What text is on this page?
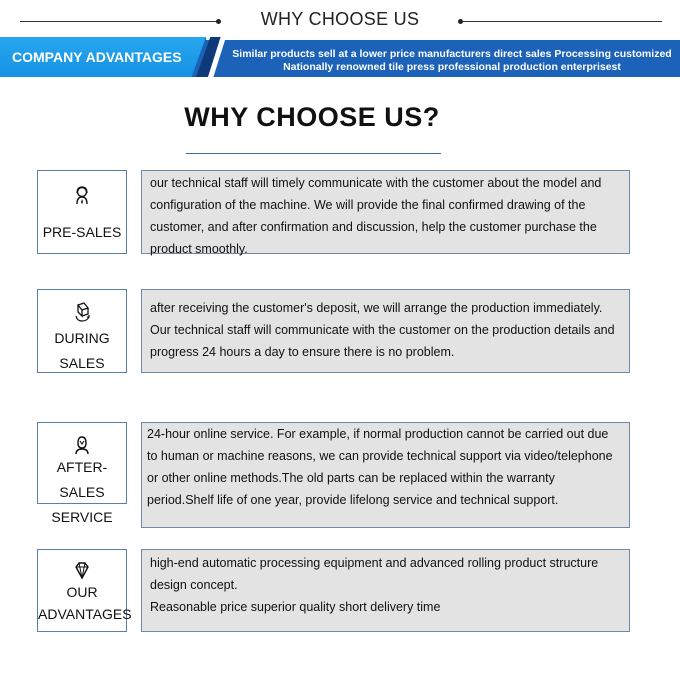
WHY CHOOSE US
COMPANY ADVANTAGES	Similar products sell at a lower price manufacturers direct sales Processing customized
Nationally renowned tile press professional production enterprisest
WHY CHOOSE US?
PRE-SALES
our technical staff will timely communicate with the customer about the model and configuration of the machine. We will provide the final confirmed drawing of the customer, and after confirmation and discussion, help the customer purchase the product smoothly.
DURING
SALES
after receiving the customer's deposit, we will arrange the production immediately. Our technical staff will communicate with the customer on the production details and progress 24 hours a day to ensure there is no problem.
AFTER-SALES
SERVICE
24-hour online service. For example, if normal production cannot be carried out due to human or machine reasons, we can provide technical support via video/telephone or other online methods.The old parts can be replaced within the warranty period.Shelf life of one year, provide lifelong service and technical support.
OUR
ADVANTAGES
high-end automatic processing equipment and advanced rolling product structure design concept.
Reasonable price superior quality short delivery time
